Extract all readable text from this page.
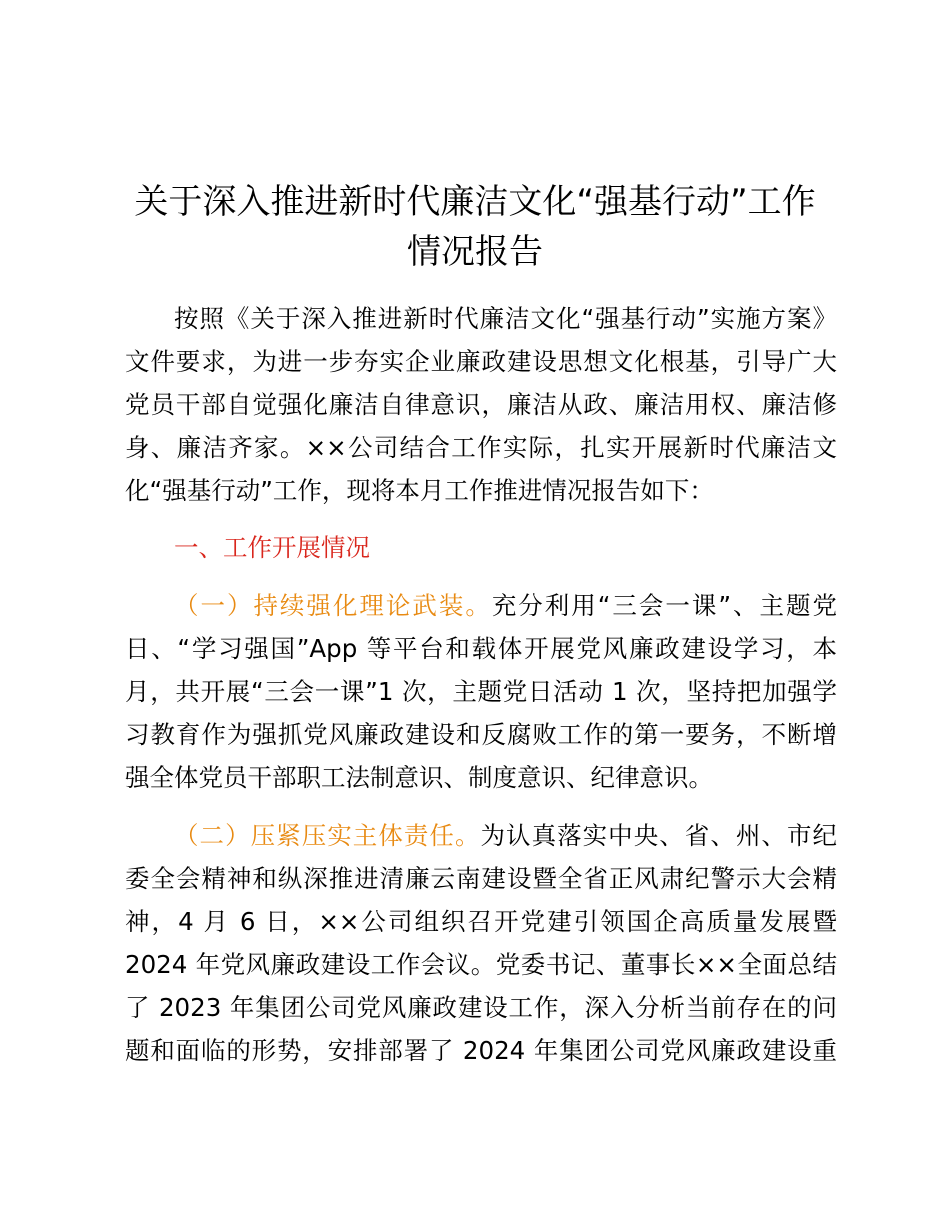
关于深入推进新时代廉洁文化“强基行动”工作
情况报告
按照《关于深入推进新时代廉洁文化“强基行动”实施方案》
文件要求，为进一步夯实企业廉政建设思想文化根基，引导广大
党员干部自觉强化廉洁自律意识，廉洁从政、廉洁用权、廉洁修
身、廉洁齐家。××公司结合工作实际，扎实开展新时代廉洁文
化“强基行动”工作，现将本月工作推进情况报告如下：
一、工作开展情况
（一）持续强化理论武装。充分利用“三会一课”、主题党
日、“学习强国”App 等平台和载体开展党风廉政建设学习，本
月，共开展“三会一课”1 次，主题党日活动 1 次，坚持把加强学
习教育作为强抓党风廉政建设和反腐败工作的第一要务，不断增
强全体党员干部职工法制意识、制度意识、纪律意识。
（二）压紧压实主体责任。为认真落实中央、省、州、市纪
委全会精神和纵深推进清廉云南建设暨全省正风肃纪警示大会精
神，4 月 6 日，××公司组织召开党建引领国企高质量发展暨
2024 年党风廉政建设工作会议。党委书记、董事长××全面总结
了 2023 年集团公司党风廉政建设工作，深入分析当前存在的问
题和面临的形势，安排部署了 2024 年集团公司党风廉政建设重
